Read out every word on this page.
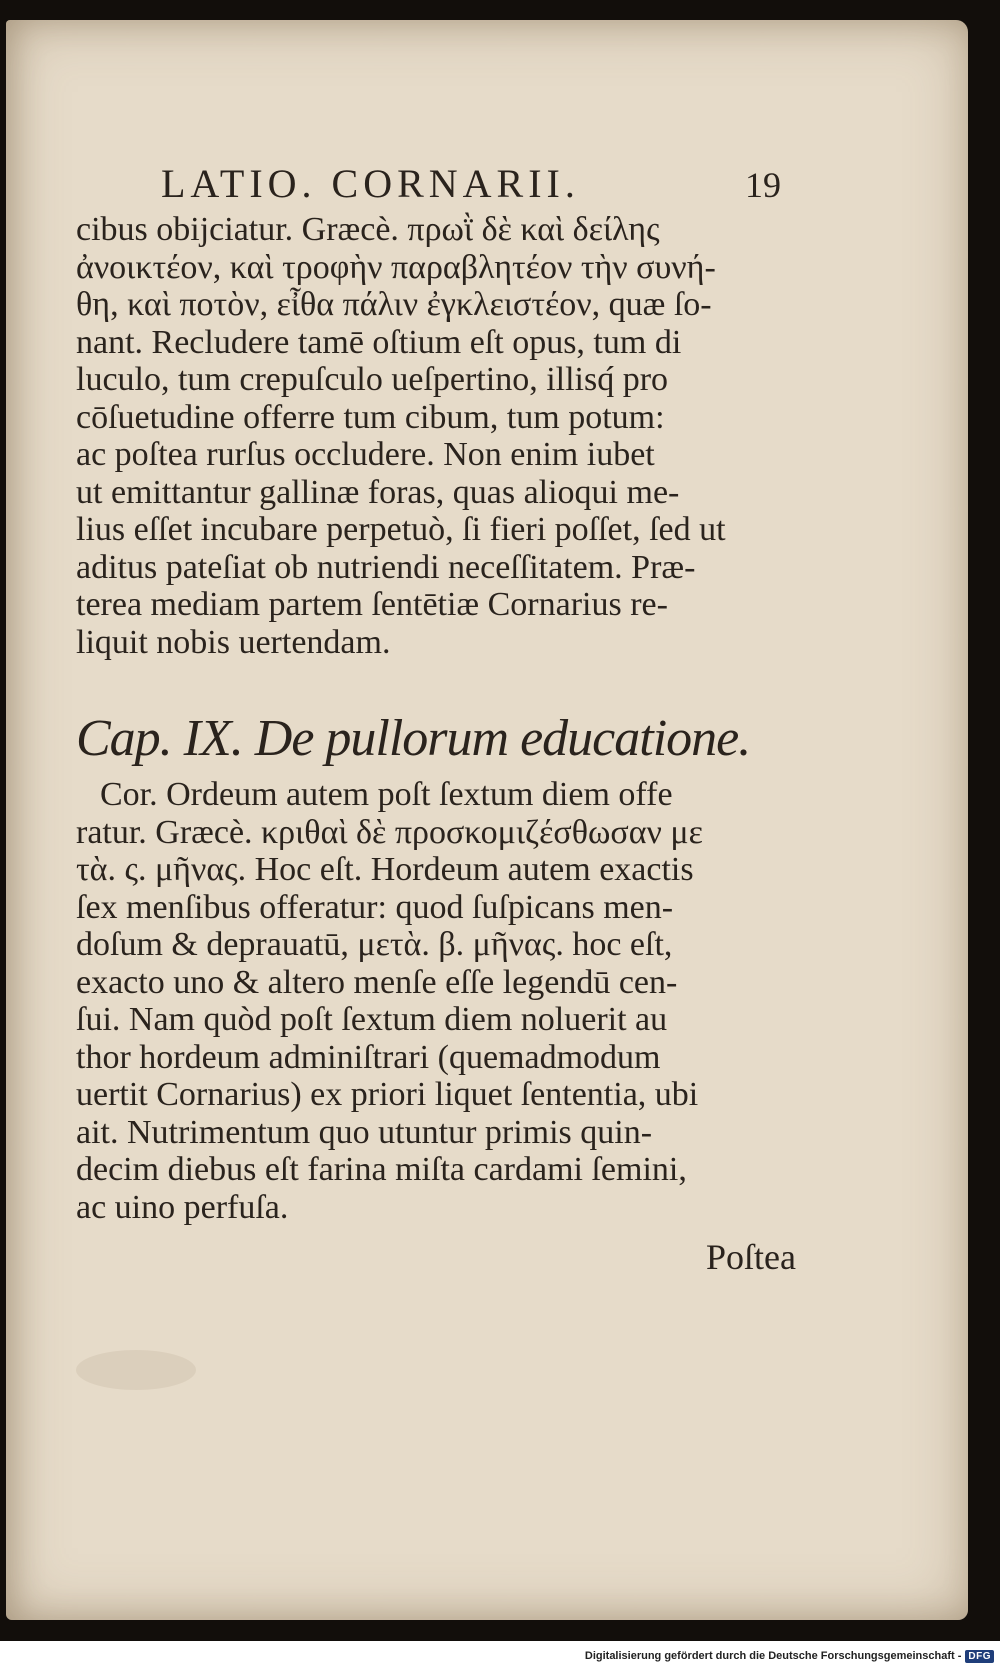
LATIO. CORNARII.	19

cibus obijciatur. Græcè. πρωῒ δὲ καὶ δείλης
ἀνοικτέον, καὶ τροφὴν παραβλητέον τὴν συνή-
θη, καὶ ποτὸν, εἶθα πάλιν ἐγκλειστέον, quæ ſo-
nant. Recludere tamē oſtium eſt opus, tum di
luculo, tum crepuſculo ueſpertino, illisq́ pro
cōſuetudine offerre tum cibum, tum potum:
ac poſtea rurſus occludere. Non enim iubet
ut emittantur gallinæ foras, quas alioqui me-
lius eſſet incubare perpetuò, ſi fieri poſſet, ſed ut
aditus pateſiat ob nutriendi neceſſitatem. Præ-
terea mediam partem ſentētiæ Cornarius re-
liquit nobis uertendam.

Cap. IX. De pullorum educatione.

Cor. Ordeum autem poſt ſextum diem offe
ratur. Græcè. κριθαὶ δὲ προσκομιζέσθωσαν με
τὰ. ς. μῆνας. Hoc eſt. Hordeum autem exactis
ſex menſibus offeratur: quod ſuſpicans men-
doſum & deprauatū, μετὰ. β. μῆνας. hoc eſt,
exacto uno & altero menſe eſſe legendū cen-
ſui. Nam quòd poſt ſextum diem noluerit au
thor hordeum adminiſtrari (quemadmodum
uertit Cornarius) ex priori liquet ſententia, ubi
ait. Nutrimentum quo utuntur primis quin-
decim diebus eſt farina miſta cardami ſemini,
ac uino perfuſa.

Poſtea
Digitalisierung gefördert durch die Deutsche Forschungsgemeinschaft - DFG
